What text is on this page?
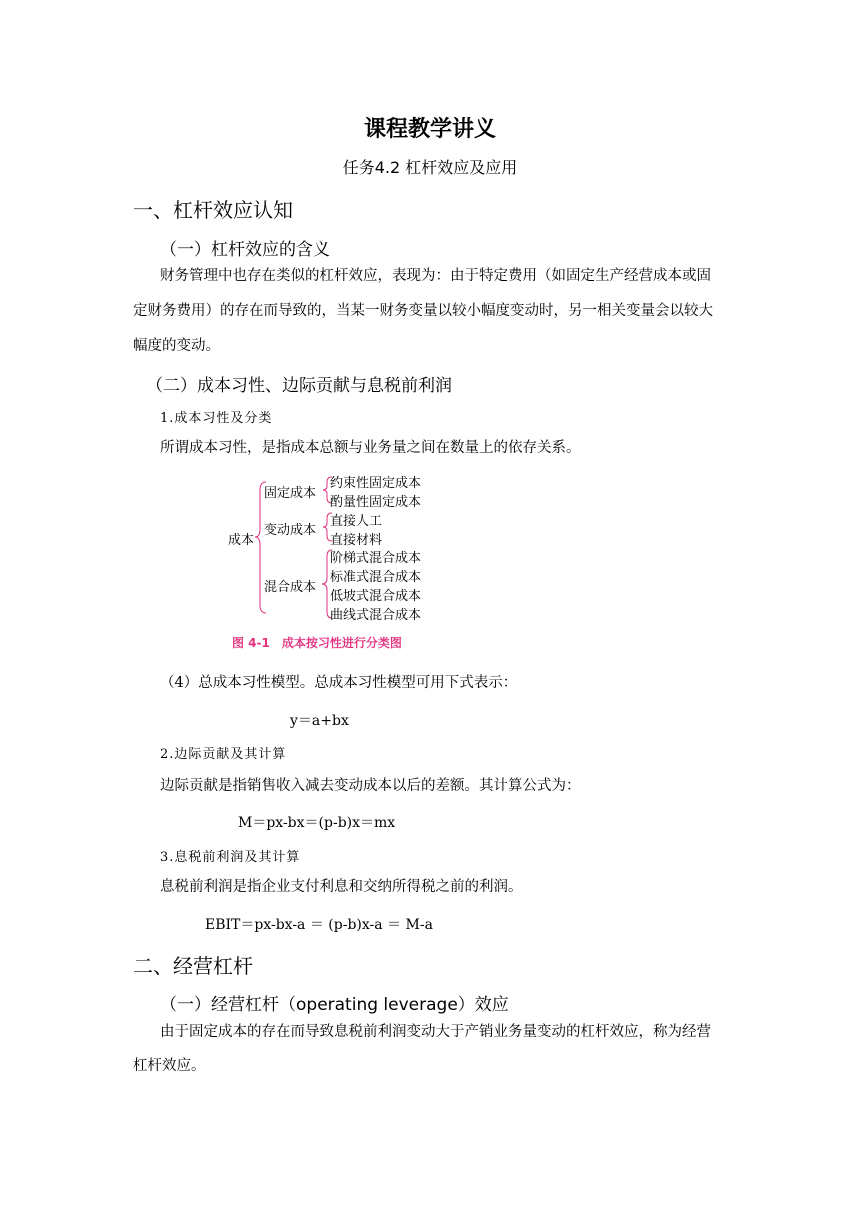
课程教学讲义
任务4.2 杠杆效应及应用
一、杠杆效应认知
（一）杠杆效应的含义
财务管理中也存在类似的杠杆效应，表现为：由于特定费用（如固定生产经营成本或固
定财务费用）的存在而导致的，当某一财务变量以较小幅度变动时，另一相关变量会以较大
幅度的变动。
（二）成本习性、边际贡献与息税前利润
1.成本习性及分类
所谓成本习性，是指成本总额与业务量之间在数量上的依存关系。
成本
固定成本
变动成本
混合成本
约束性固定成本
酌量性固定成本
直接人工
直接材料
阶梯式混合成本
标准式混合成本
低坡式混合成本
曲线式混合成本
图 4-1　成本按习性进行分类图
（4）总成本习性模型。总成本习性模型可用下式表示：
y＝a+bx
2.边际贡献及其计算
边际贡献是指销售收入减去变动成本以后的差额。其计算公式为：
M＝px-bx＝(p-b)x＝mx
3.息税前利润及其计算
息税前利润是指企业支付利息和交纳所得税之前的利润。
EBIT＝px-bx-a ＝ (p-b)x-a ＝ M-a
二、经营杠杆
（一）经营杠杆（operating leverage）效应
由于固定成本的存在而导致息税前利润变动大于产销业务量变动的杠杆效应，称为经营
杠杆效应。
